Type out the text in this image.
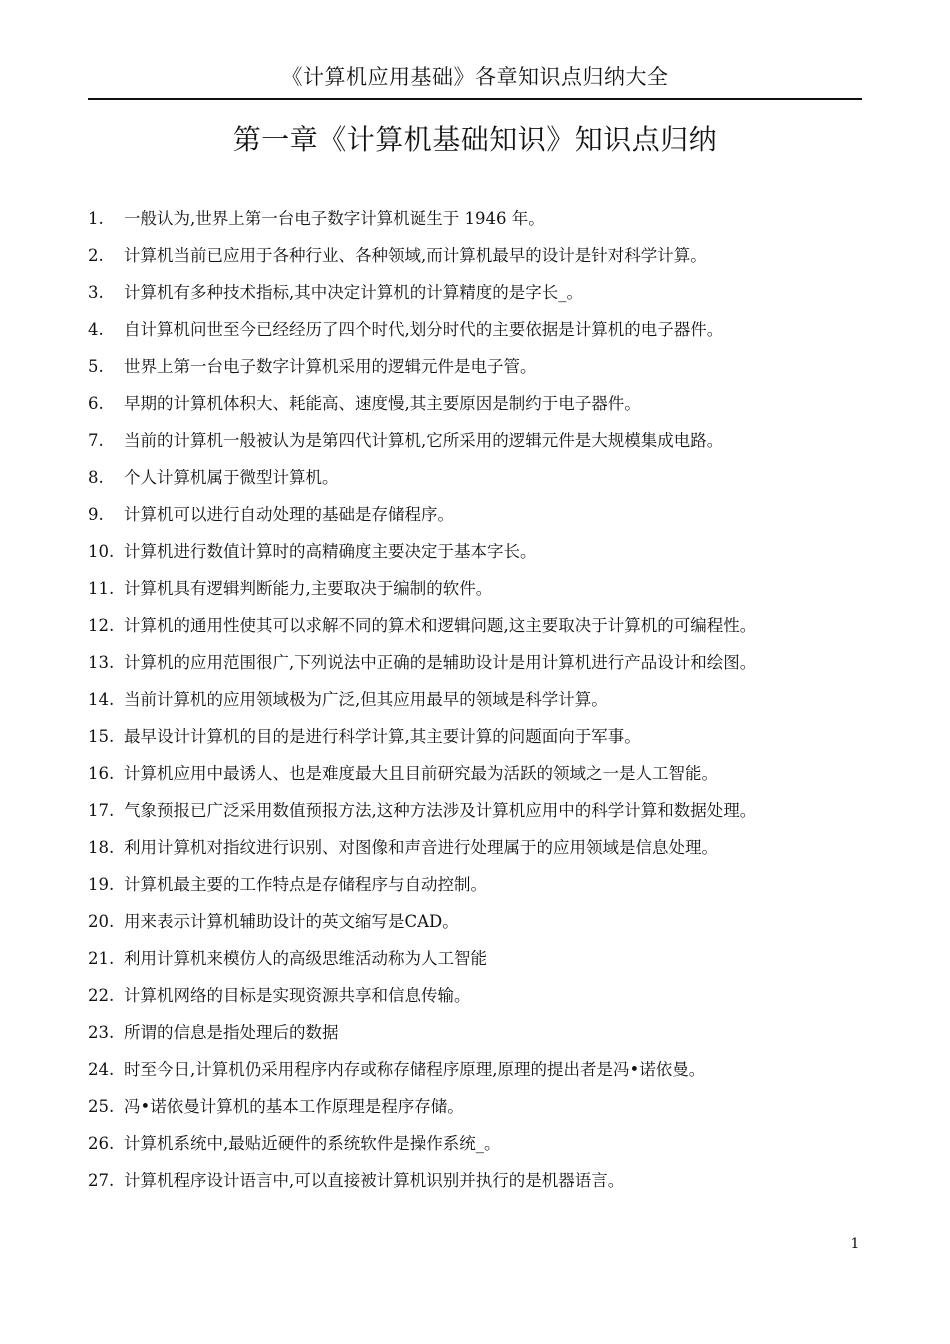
《计算机应用基础》各章知识点归纳大全
第一章《计算机基础知识》知识点归纳
1.	一般认为,世界上第一台电子数字计算机诞生于 1946 年。
2.	计算机当前已应用于各种行业、各种领域,而计算机最早的设计是针对科学计算。
3.	计算机有多种技术指标,其中决定计算机的计算精度的是字长_。
4.	自计算机问世至今已经经历了四个时代,划分时代的主要依据是计算机的电子器件。
5.	世界上第一台电子数字计算机采用的逻辑元件是电子管。
6.	早期的计算机体积大、耗能高、速度慢,其主要原因是制约于电子器件。
7.	当前的计算机一般被认为是第四代计算机,它所采用的逻辑元件是大规模集成电路。
8.	个人计算机属于微型计算机。
9.	计算机可以进行自动处理的基础是存储程序。
10. 计算机进行数值计算时的高精确度主要决定于基本字长。
11. 计算机具有逻辑判断能力,主要取决于编制的软件。
12. 计算机的通用性使其可以求解不同的算术和逻辑问题,这主要取决于计算机的可编程性。
13. 计算机的应用范围很广,下列说法中正确的是辅助设计是用计算机进行产品设计和绘图。
14. 当前计算机的应用领域极为广泛,但其应用最早的领域是科学计算。
15. 最早设计计算机的目的是进行科学计算,其主要计算的问题面向于军事。
16. 计算机应用中最诱人、也是难度最大且目前研究最为活跃的领域之一是人工智能。
17. 气象预报已广泛采用数值预报方法,这种方法涉及计算机应用中的科学计算和数据处理。
18. 利用计算机对指纹进行识别、对图像和声音进行处理属于的应用领域是信息处理。
19. 计算机最主要的工作特点是存储程序与自动控制。
20. 用来表示计算机辅助设计的英文缩写是CAD。
21. 利用计算机来模仿人的高级思维活动称为人工智能
22. 计算机网络的目标是实现资源共享和信息传输。
23. 所谓的信息是指处理后的数据
24. 时至今日,计算机仍采用程序内存或称存储程序原理,原理的提出者是冯•诺依曼。
25. 冯•诺依曼计算机的基本工作原理是程序存储。
26. 计算机系统中,最贴近硬件的系统软件是操作系统_。
27. 计算机程序设计语言中,可以直接被计算机识别并执行的是机器语言。
1
